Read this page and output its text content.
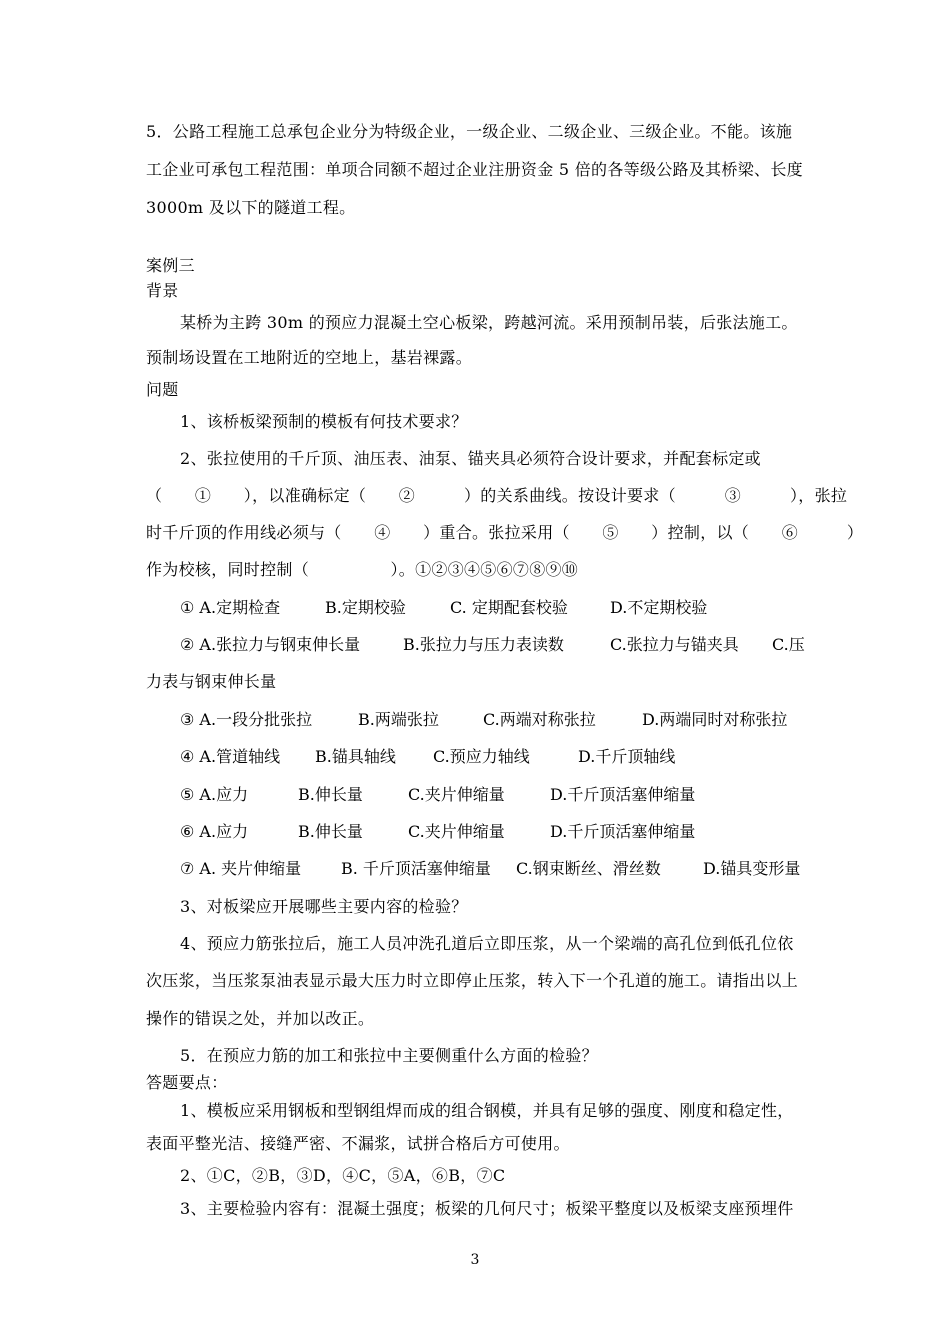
5．公路工程施工总承包企业分为特级企业，一级企业、二级企业、三级企业。不能。该施
工企业可承包工程范围：单项合同额不超过企业注册资金 5 倍的各等级公路及其桥梁、长度
3000m 及以下的隧道工程。
案例三
背景
某桥为主跨 30m 的预应力混凝土空心板梁，跨越河流。采用预制吊装，后张法施工。
预制场设置在工地附近的空地上，基岩裸露。
问题
1、该桥板梁预制的模板有何技术要求？
2、张拉使用的千斤顶、油压表、油泵、锚夹具必须符合设计要求，并配套标定或
（　　①　　），以准确标定（　　②　　　）的关系曲线。按设计要求（　　　③　　　），张拉
时千斤顶的作用线必须与（　　④　　）重合。张拉采用（　　⑤　　）控制，以（　　⑥　　　）
作为校核，同时控制（　　　　　）。①②③④⑤⑥⑦⑧⑨⑩
① A.定期检查	B.定期校验	C. 定期配套校验	D.不定期校验
② A.张拉力与钢束伸长量	B.张拉力与压力表读数	C.张拉力与锚夹具 C.压
力表与钢束伸长量
③ A.一段分批张拉	B.两端张拉	C.两端对称张拉	D.两端同时对称张拉
④ A.管道轴线 B.锚具轴线 C.预应力轴线	D.千斤顶轴线
⑤ A.应力	B.伸长量	C.夹片伸缩量	D.千斤顶活塞伸缩量
⑥ A.应力	B.伸长量	C.夹片伸缩量	D.千斤顶活塞伸缩量
⑦ A. 夹片伸缩量 B. 千斤顶活塞伸缩量 C.钢束断丝、滑丝数	D.锚具变形量
3、对板梁应开展哪些主要内容的检验？
4、预应力筋张拉后，施工人员冲洗孔道后立即压浆，从一个梁端的高孔位到低孔位依
次压浆，当压浆泵油表显示最大压力时立即停止压浆，转入下一个孔道的施工。请指出以上
操作的错误之处，并加以改正。
5．在预应力筋的加工和张拉中主要侧重什么方面的检验？
答题要点：
1、模板应采用钢板和型钢组焊而成的组合钢模，并具有足够的强度、刚度和稳定性，
表面平整光洁、接缝严密、不漏浆，试拼合格后方可使用。
2、①C，②B，③D，④C，⑤A，⑥B，⑦C
3、主要检验内容有：混凝土强度；板梁的几何尺寸；板梁平整度以及板梁支座预埋件
3
